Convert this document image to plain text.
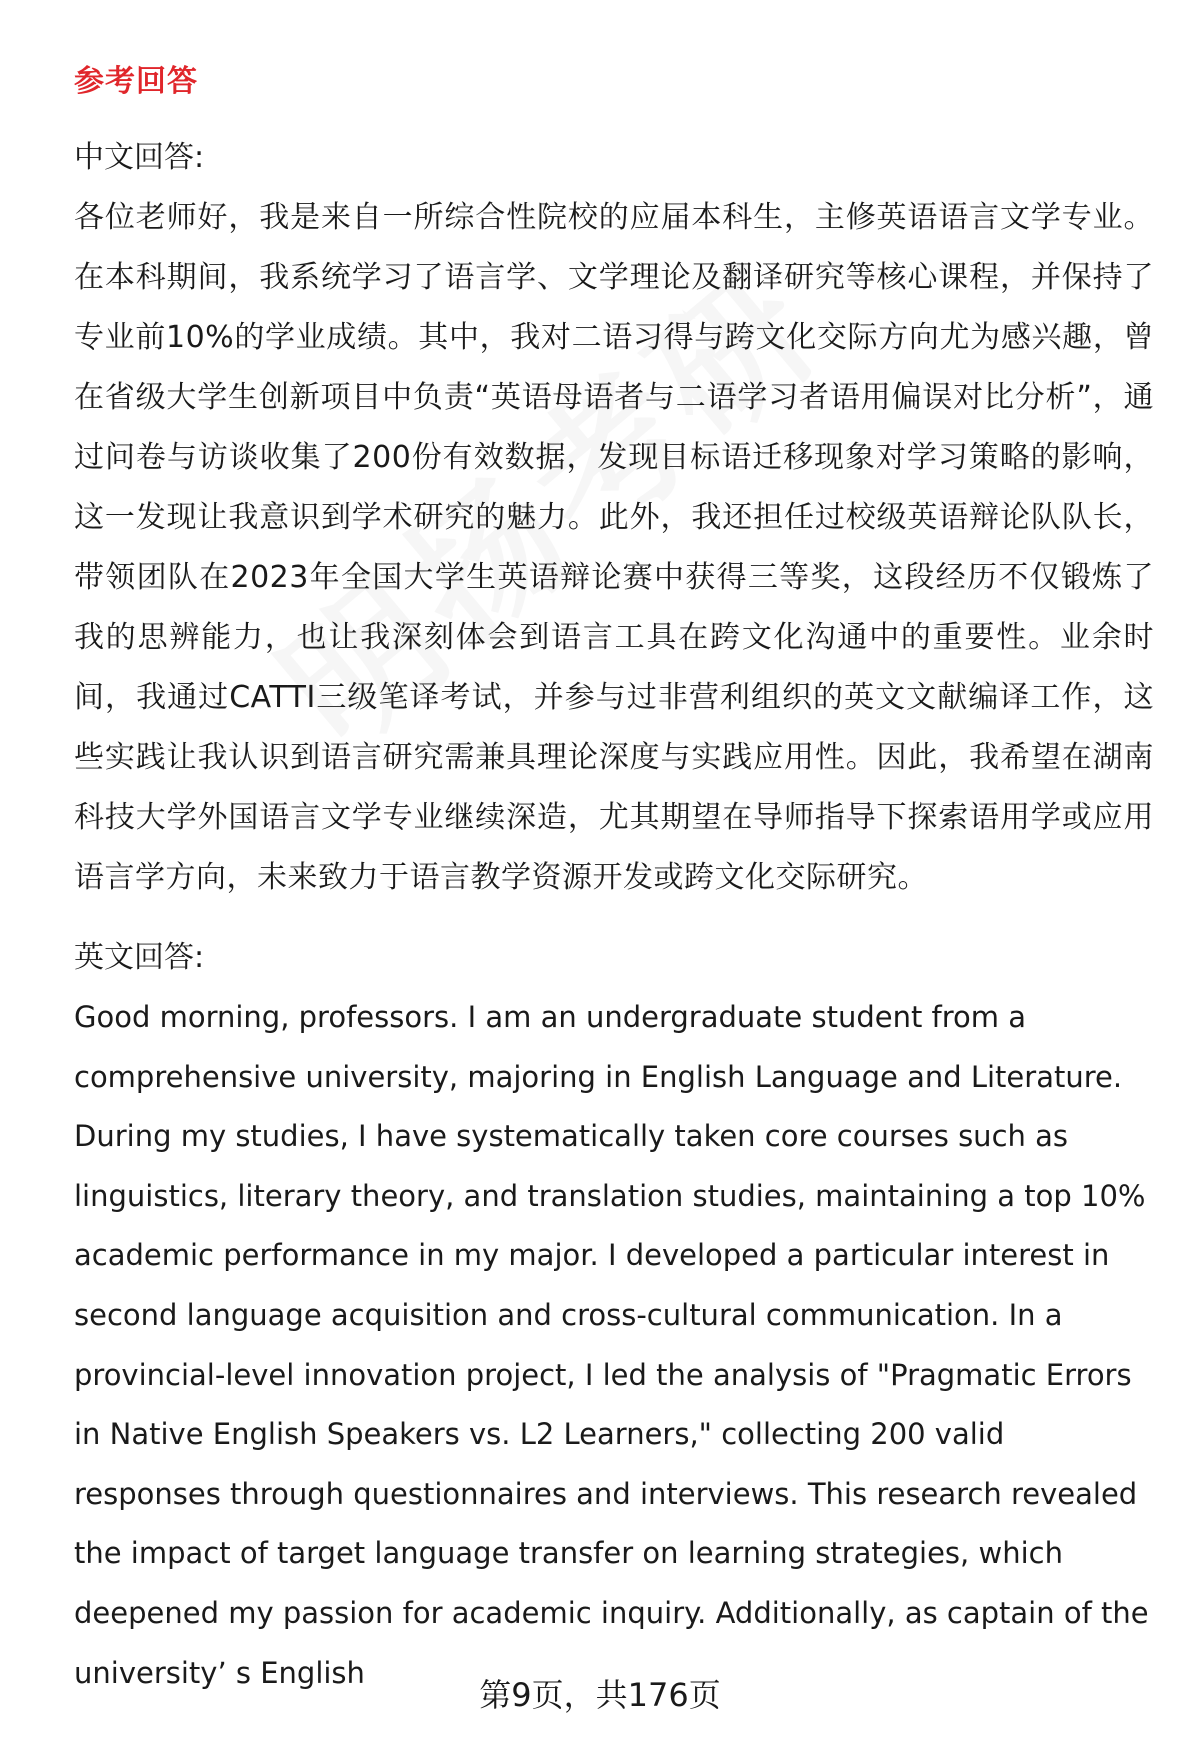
参考回答

中文回答:

各位老师好，我是来自一所综合性院校的应届本科生，主修英语语言文学专业。在本科期间，我系统学习了语言学、文学理论及翻译研究等核心课程，并保持了专业前10%的学业成绩。其中，我对二语习得与跨文化交际方向尤为感兴趣，曾在省级大学生创新项目中负责“英语母语者与二语学习者语用偏误对比分析”，通过问卷与访谈收集了200份有效数据，发现目标语迁移现象对学习策略的影响，这一发现让我意识到学术研究的魅力。此外，我还担任过校级英语辩论队队长，带领团队在2023年全国大学生英语辩论赛中获得三等奖，这段经历不仅锻炼了我的思辨能力，也让我深刻体会到语言工具在跨文化沟通中的重要性。业余时间，我通过CATTI三级笔译考试，并参与过非营利组织的英文文献编译工作，这些实践让我认识到语言研究需兼具理论深度与实践应用性。因此，我希望在湖南科技大学外国语言文学专业继续深造，尤其期望在导师指导下探索语用学或应用语言学方向，未来致力于语言教学资源开发或跨文化交际研究。

英文回答:

Good morning, professors. I am an undergraduate student from a comprehensive university, majoring in English Language and Literature. During my studies, I have systematically taken core courses such as linguistics, literary theory, and translation studies, maintaining a top 10% academic performance in my major. I developed a particular interest in second language acquisition and cross-cultural communication. In a provincial-level innovation project, I led the analysis of "Pragmatic Errors in Native English Speakers vs. L2 Learners," collecting 200 valid responses through questionnaires and interviews. This research revealed the impact of target language transfer on learning strategies, which deepened my passion for academic inquiry. Additionally, as captain of the university’ s English

第9页，共176页
